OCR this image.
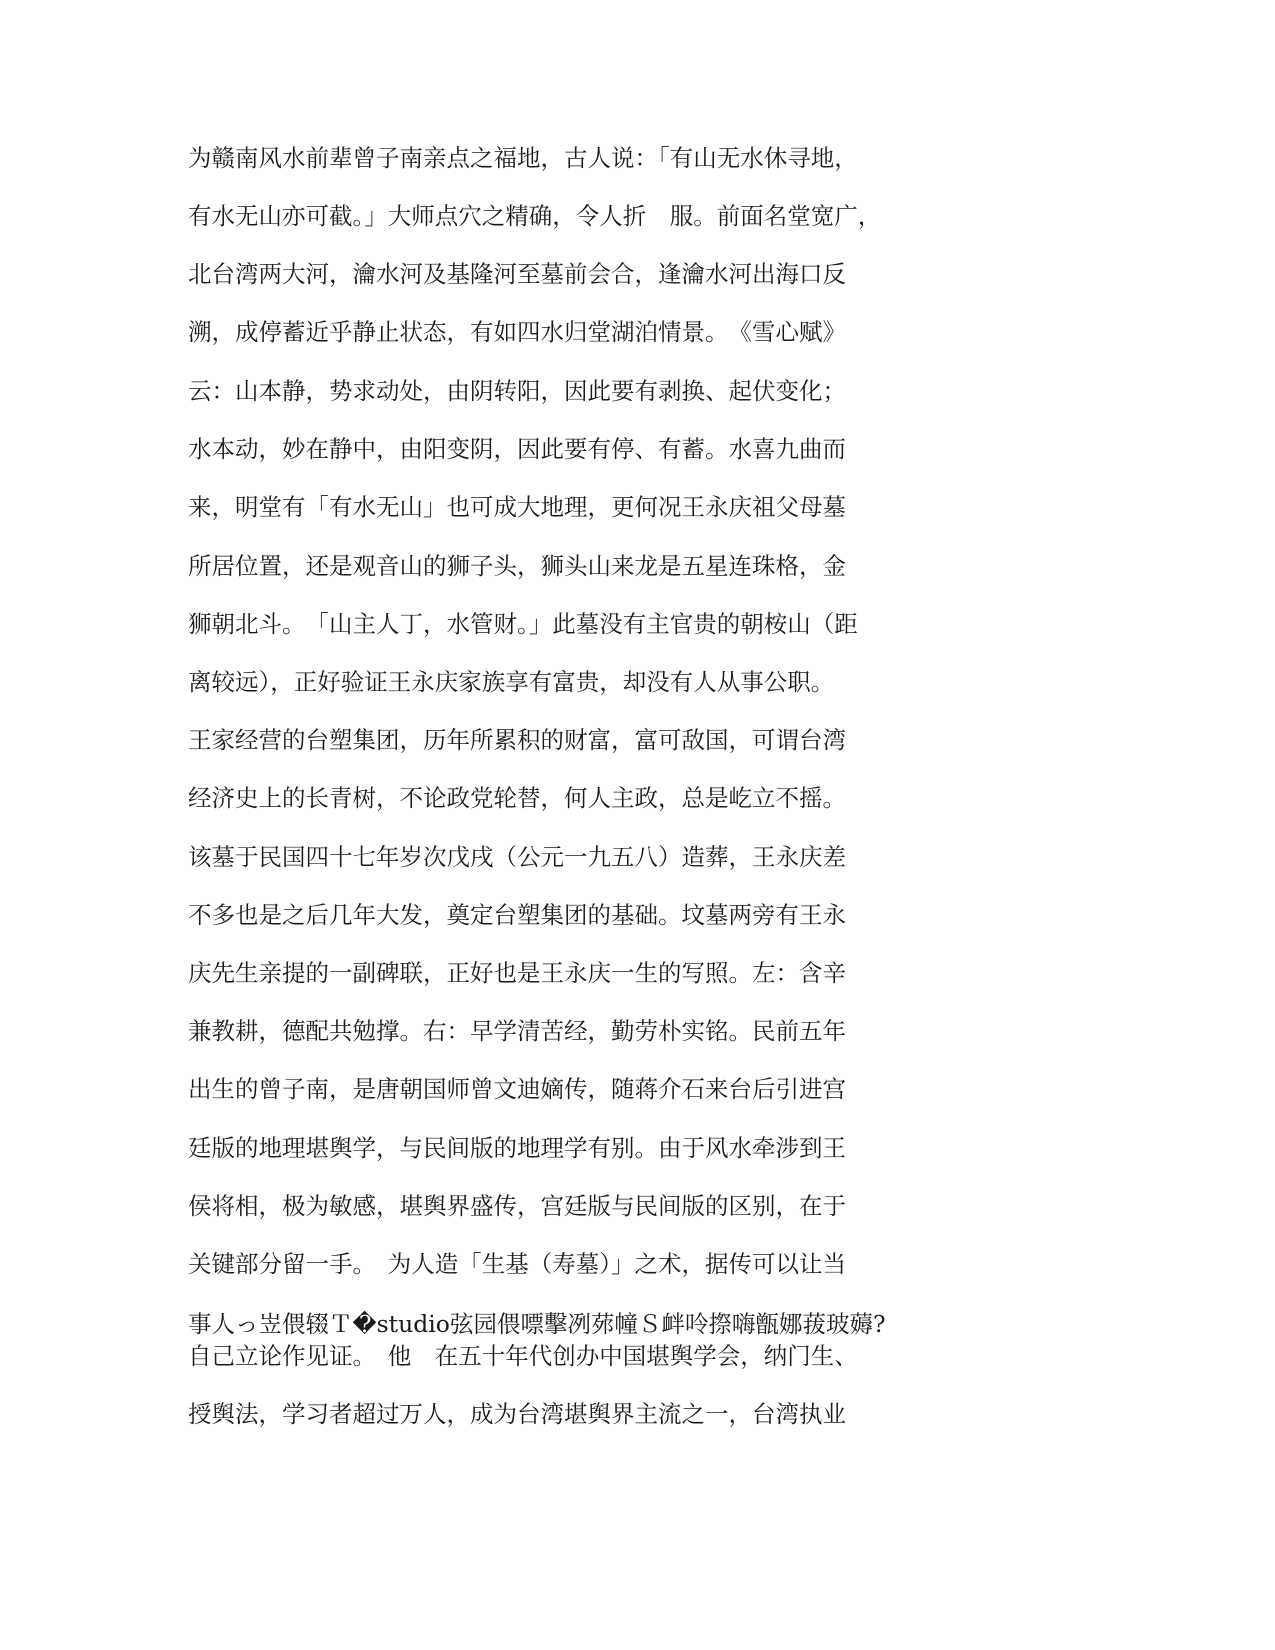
为赣南风水前辈曾子南亲点之福地，古人说：「有山无水休寻地，
有水无山亦可截。」大师点穴之精确，令人折　服。前面名堂宽广，
北台湾两大河，瀹水河及基隆河至墓前会合，逢瀹水河出海口反
溯，成停蓄近乎静止状态，有如四水归堂湖泊情景。　《雪心赋》
云：山本静，势求动处，由阴转阳，因此要有剥换、起伏变化；
水本动，妙在静中，由阳变阴，因此要有停、有蓄。水喜九曲而
来，明堂有「有水无山」也可成大地理，更何况王永庆祖父母墓
所居位置，还是观音山的狮子头，狮头山来龙是五星连珠格，金
狮朝北斗。　「山主人丁，水管财。」此墓没有主官贵的朝桉山（距
离较远），正好验证王永庆家族享有富贵，却没有人从事公职。
王家经营的台塑集团，历年所累积的财富，富可敌国，可谓台湾
经济史上的长青树，不论政党轮替，何人主政，总是屹立不摇。
该墓于民国四十七年岁次戊戌（公元一九五八）造葬，王永庆差
不多也是之后几年大发，奠定台塑集团的基础。坟墓两旁有王永
庆先生亲提的一副碑联，正好也是王永庆一生的写照。左：含辛
兼教耕，德配共勉撑。右：早学清苦经，勤劳朴实铭。民前五年
出生的曾子南，是唐朝国师曾文迪嫡传，随蒋介石来台后引进宫
廷版的地理堪舆学，与民间版的地理学有别。由于风水牵涉到王
侯将相，极为敏感，堪舆界盛传，宫廷版与民间版的区别，在于
关键部分留一手。　为人造「生基（寿墓）」之术，据传可以让当
事人っ岦偎辍Ｔ�studio弦园偎嘌擊冽茒幢Ｓ衅呤摖嗨甑娜菝玻薅?
自己立论作见证。　他　在五十年代创办中国堪舆学会，纳门生、
授舆法，学习者超过万人，成为台湾堪舆界主流之一，台湾执业
